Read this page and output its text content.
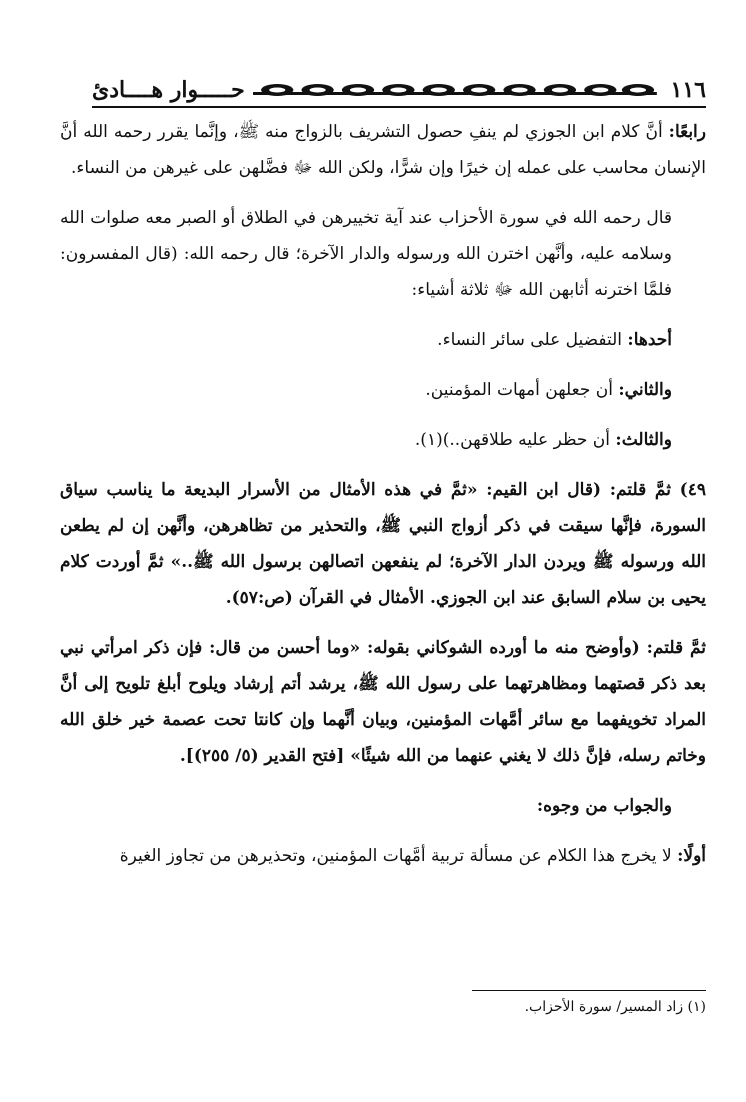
١١٦
حـــــوار هــــادئ

رابعًا: أنَّ كلام ابن الجوزي لم ينفِ حصول التشريف بالزواج منه ﷺ، وإنَّما يقرر رحمه الله أنَّ الإنسان محاسب على عمله إن خيرًا وإن شرًّا، ولكن الله ﷻ فضَّلهن على غيرهن من النساء.

قال رحمه الله في سورة الأحزاب عند آية تخييرهن في الطلاق أو الصبر معه صلوات الله وسلامه عليه، وأنَّهن اخترن الله ورسوله والدار الآخرة؛ قال رحمه الله: (قال المفسرون: فلمَّا اخترنه أثابهن الله ﷻ ثلاثة أشياء:

أحدها: التفضيل على سائر النساء.

والثاني: أن جعلهن أمهات المؤمنين.

والثالث: أن حظر عليه طلاقهن..)(١).

٤٩) ثمَّ قلتم: (قال ابن القيم: «ثمَّ في هذه الأمثال من الأسرار البديعة ما يناسب سياق السورة، فإنَّها سيقت في ذكر أزواج النبي ﷺ، والتحذير من تظاهرهن، وأنَّهن إن لم يطعن الله ورسوله ﷺ ويردن الدار الآخرة؛ لم ينفعهن اتصالهن برسول الله ﷺ..» ثمَّ أوردت كلام يحيى بن سلام السابق عند ابن الجوزي. الأمثال في القرآن (ص:٥٧).

ثمَّ قلتم: (وأوضح منه ما أورده الشوكاني بقوله: «وما أحسن من قال: فإن ذكر امرأتي نبي بعد ذكر قصتهما ومظاهرتهما على رسول الله ﷺ، يرشد أتم إرشاد ويلوح أبلغ تلويح إلى أنَّ المراد تخويفهما مع سائر أمَّهات المؤمنين، وبيان أنَّهما وإن كانتا تحت عصمة خير خلق الله وخاتم رسله، فإنَّ ذلك لا يغني عنهما من الله شيئًا» [فتح القدير (٥/ ٢٥٥)].

والجواب من وجوه:

أولًا: لا يخرج هذا الكلام عن مسألة تربية أمَّهات المؤمنين، وتحذيرهن من تجاوز الغيرة

(١) زاد المسير/ سورة الأحزاب.
